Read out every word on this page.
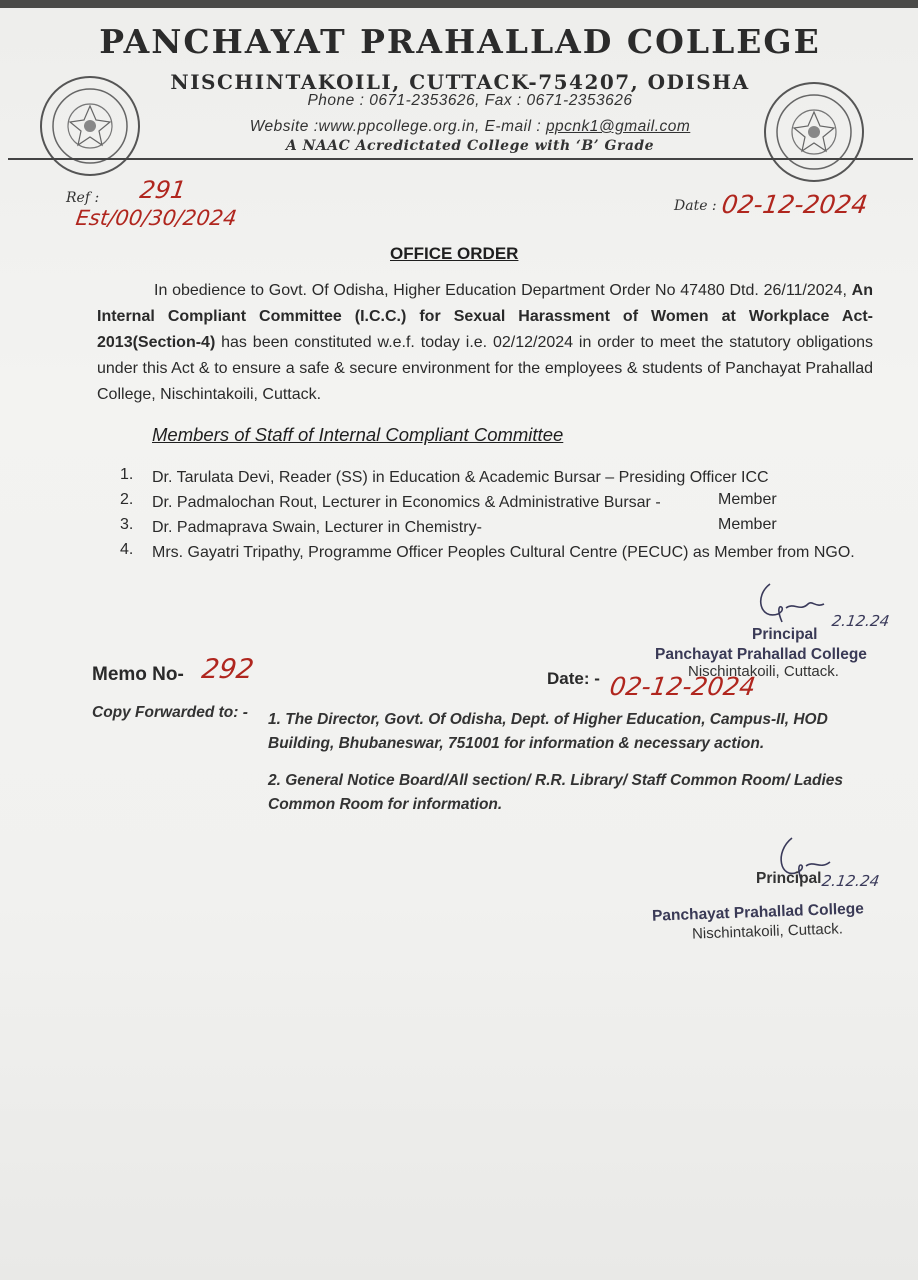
PANCHAYAT PRAHALLAD COLLEGE
NISCHINTAKOILI, CUTTACK-754207, ODISHA
Phone : 0671-2353626, Fax : 0671-2353626
Website :www.ppcollege.org.in, E-mail : ppcnk1@gmail.com
A NAAC Acredictated College with ‘B’ Grade
Ref : 291
Est/00/30/2024	Date : 02-12-2024
OFFICE ORDER

In obedience to Govt. Of Odisha, Higher Education Department Order No 47480 Dtd. 26/11/2024, An Internal Compliant Committee (I.C.C.) for Sexual Harassment of Women at Workplace Act- 2013(Section-4) has been constituted w.e.f. today i.e. 02/12/2024 in order to meet the statutory obligations under this Act & to ensure a safe & secure environment for the employees & students of Panchayat Prahallad College, Nischintakoili, Cuttack.

Members of Staff of Internal Compliant Committee
1.	Dr. Tarulata Devi, Reader (SS) in Education & Academic Bursar – Presiding Officer ICC
2.	Dr. Padmalochan Rout, Lecturer in Economics & Administrative Bursar -	Member
3.	Dr. Padmaprava Swain, Lecturer in Chemistry-	Member
4.	Mrs. Gayatri Tripathy, Programme Officer Peoples Cultural Centre (PECUC) as Member from NGO.
2.12.24
Principal
Panchayat Prahallad College
Nischintakoili, Cuttack.
Memo No- 292	Date: - 02-12-2024
Copy Forwarded to: - 1. The Director, Govt. Of Odisha, Dept. of Higher Education, Campus-II, HOD Building, Bhubaneswar, 751001 for information & necessary action.
2. General Notice Board/All section/ R.R. Library/ Staff Common Room/ Ladies Common Room for information.
2.12.24
Principal
Panchayat Prahallad College
Nischintakoili, Cuttack.
